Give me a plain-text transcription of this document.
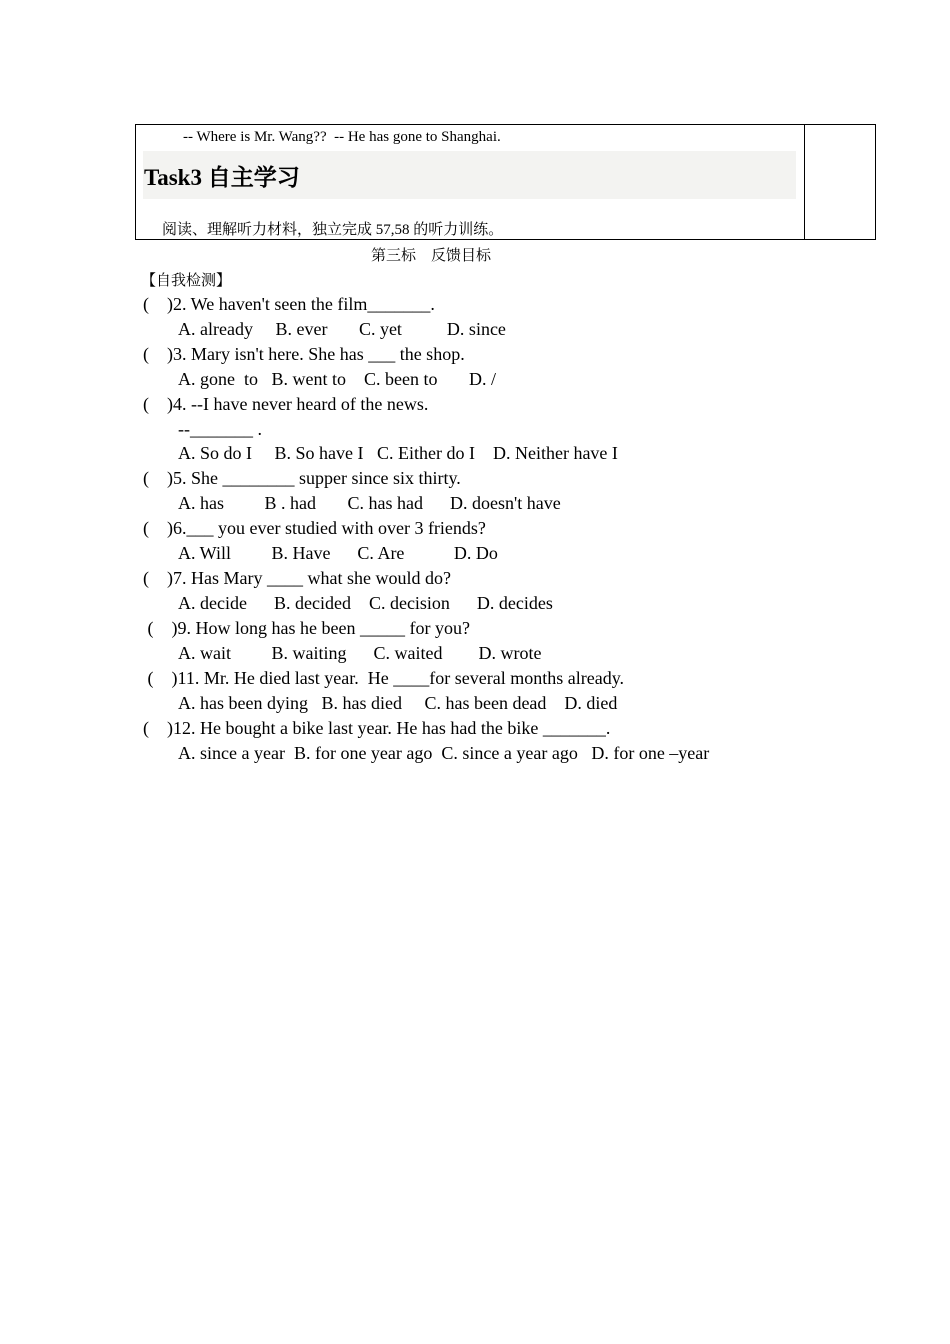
-- Where is Mr. Wang??  -- He has gone to Shanghai.
Task3 自主学习
阅读、理解听力材料，独立完成 57,58 的听力训练。
第三标    反馈目标
【自我检测】
(    )2. We haven't seen the film_______.
A. already     B. ever       C. yet          D. since
(    )3. Mary isn't here. She has ___ the shop.
A. gone  to   B. went to    C. been to       D. /
(    )4. --I have never heard of the news.
--_______ .
A. So do I     B. So have I   C. Either do I    D. Neither have I
(    )5. She ________ supper since six thirty.
A. has         B . had       C. has had      D. doesn't have
(    )6.___ you ever studied with over 3 friends?
A. Will         B. Have      C. Are           D. Do
(    )7. Has Mary ____ what she would do?
A. decide      B. decided    C. decision      D. decides
(    )9. How long has he been _____ for you?
A. wait         B. waiting      C. waited        D. wrote
(    )11. Mr. He died last year.  He ____for several months already.
A. has been dying   B. has died     C. has been dead    D. died
(    )12. He bought a bike last year. He has had the bike _______.
A. since a year  B. for one year ago  C. since a year ago   D. for one –year
